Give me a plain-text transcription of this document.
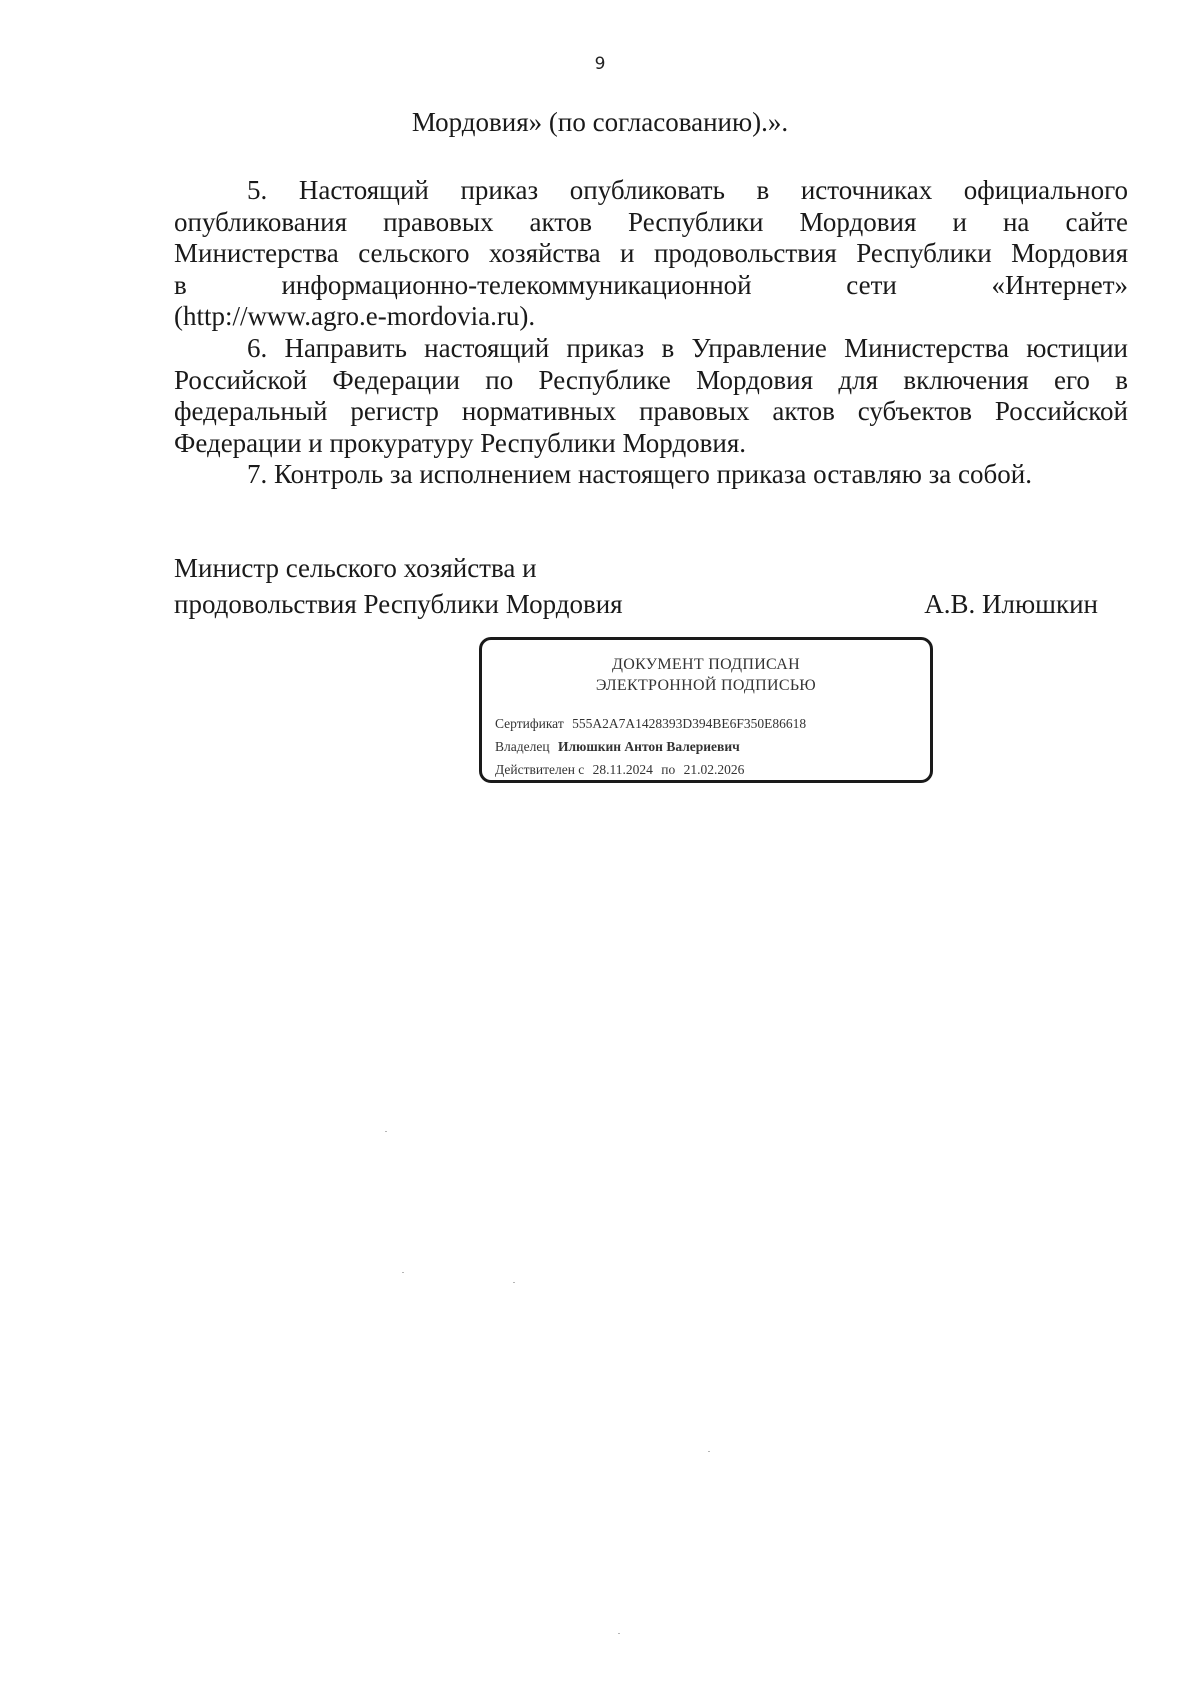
9
Мордовия» (по согласованию).».

5. Настоящий приказ опубликовать в источниках официального
опубликования правовых актов Республики Мордовия и на сайте
Министерства сельского хозяйства и продовольствия Республики Мордовия
в информационно-телекоммуникационной сети «Интернет»
(http://www.agro.e-mordovia.ru).

6. Направить настоящий приказ в Управление Министерства юстиции
Российской Федерации по Республике Мордовия для включения его в
федеральный регистр нормативных правовых актов субъектов Российской
Федерации и прокуратуру Республики Мордовия.

7. Контроль за исполнением настоящего приказа оставляю за собой.

Министр сельского хозяйства и
продовольствия Республики Мордовия	А.В. Илюшкин
ДОКУМЕНТ ПОДПИСАН
ЭЛЕКТРОННОЙ ПОДПИСЬЮ
Сертификат 555A2A7A1428393D394BE6F350E86618
Владелец Илюшкин Антон Валериевич
Действителен с 28.11.2024 по 21.02.2026
